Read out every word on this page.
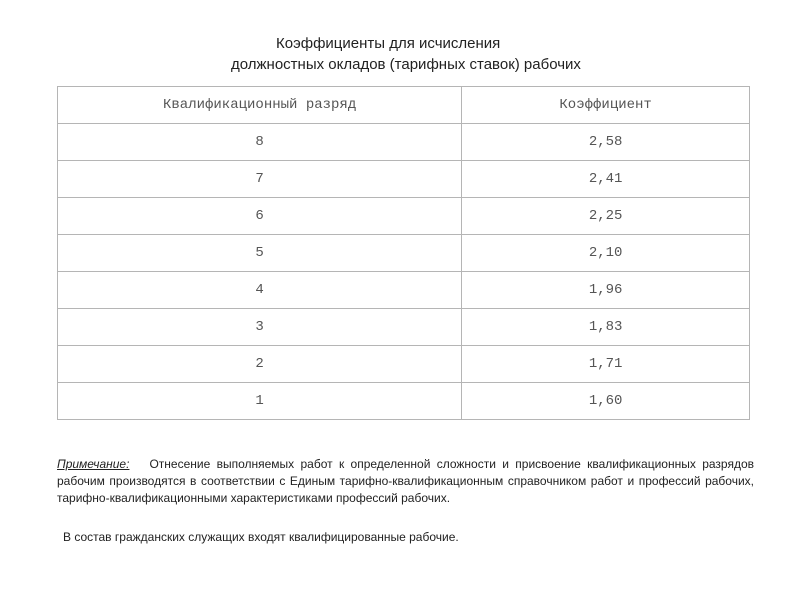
Коэффициенты для исчисления
должностных окладов (тарифных ставок) рабочих
Квалификационный разряд	Коэффициент
8	2,58
7	2,41
6	2,25
5	2,10
4	1,96
3	1,83
2	1,71
1	1,60
Примечание: Отнесение выполняемых работ к определенной сложности и присвоение квалификационных разрядов рабочим производятся в соответствии с Единым тарифно-квалификационным справочником работ и профессий рабочих, тарифно-квалификационными характеристиками профессий рабочих.
В состав гражданских служащих входят квалифицированные рабочие.
